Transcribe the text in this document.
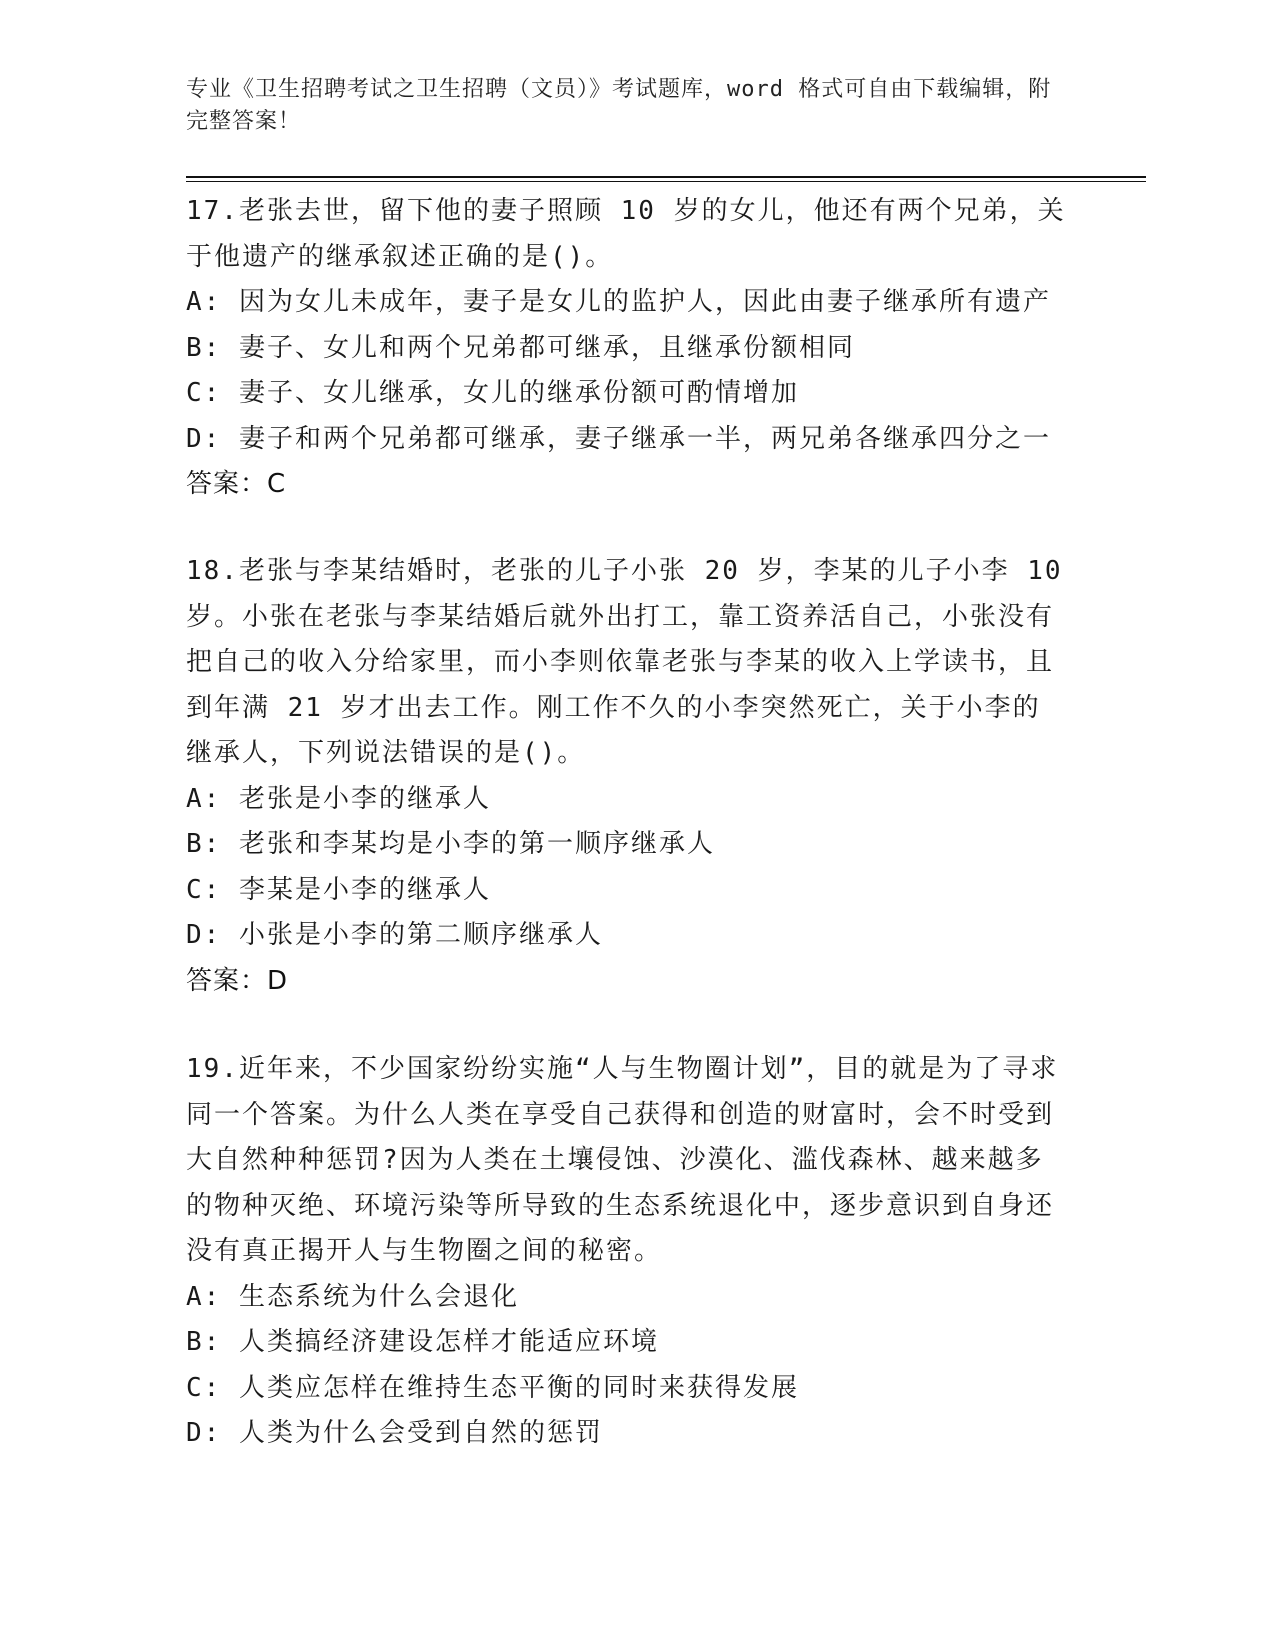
专业《卫生招聘考试之卫生招聘（文员）》考试题库，word 格式可自由下载编辑，附完整答案！

17.老张去世，留下他的妻子照顾 10 岁的女儿，他还有两个兄弟，关于他遗产的继承叙述正确的是()。

A: 因为女儿未成年，妻子是女儿的监护人，因此由妻子继承所有遗产

B: 妻子、女儿和两个兄弟都可继承，且继承份额相同

C: 妻子、女儿继承，女儿的继承份额可酌情增加

D: 妻子和两个兄弟都可继承，妻子继承一半，两兄弟各继承四分之一

答案：C

18.老张与李某结婚时，老张的儿子小张 20 岁，李某的儿子小李 10 岁。小张在老张与李某结婚后就外出打工，靠工资养活自己，小张没有把自己的收入分给家里，而小李则依靠老张与李某的收入上学读书，且到年满 21 岁才出去工作。刚工作不久的小李突然死亡，关于小李的继承人，下列说法错误的是()。

A: 老张是小李的继承人

B: 老张和李某均是小李的第一顺序继承人

C: 李某是小李的继承人

D: 小张是小李的第二顺序继承人

答案：D

19.近年来，不少国家纷纷实施“人与生物圈计划”，目的就是为了寻求同一个答案。为什么人类在享受自己获得和创造的财富时，会不时受到大自然种种惩罚?因为人类在土壤侵蚀、沙漠化、滥伐森林、越来越多的物种灭绝、环境污染等所导致的生态系统退化中，逐步意识到自身还没有真正揭开人与生物圈之间的秘密。

A: 生态系统为什么会退化

B: 人类搞经济建设怎样才能适应环境

C: 人类应怎样在维持生态平衡的同时来获得发展

D: 人类为什么会受到自然的惩罚
